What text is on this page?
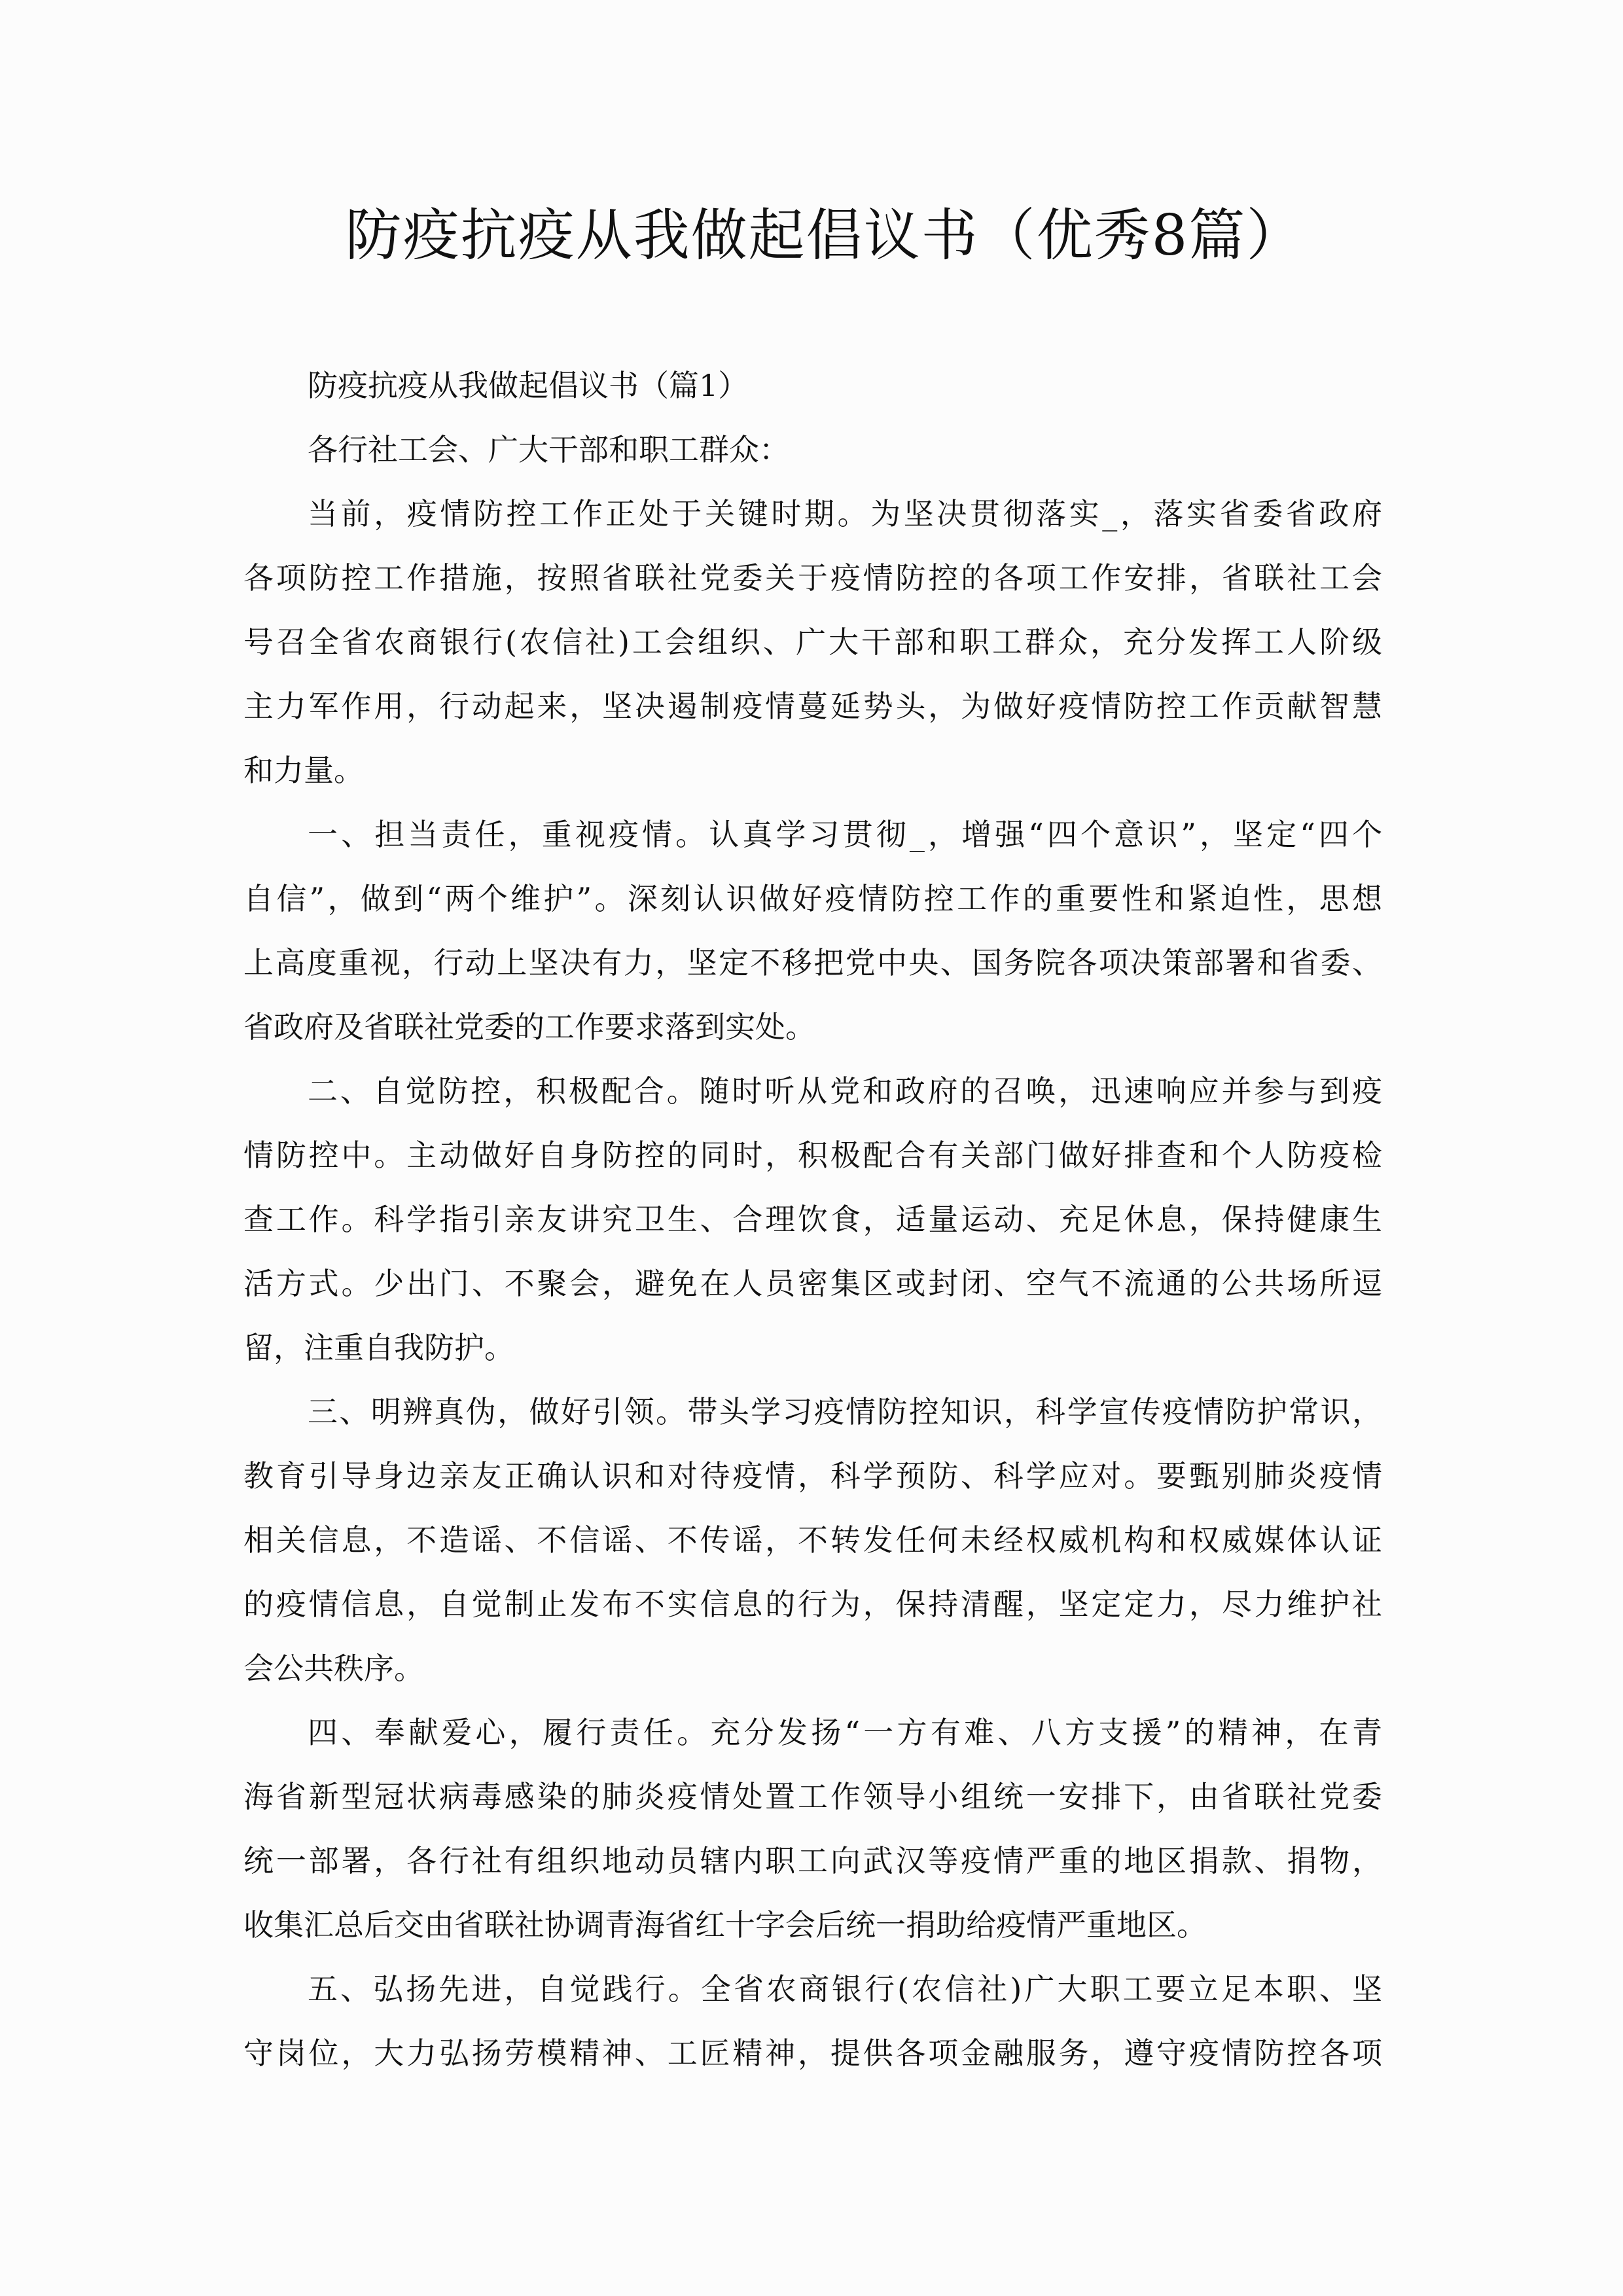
防疫抗疫从我做起倡议书（优秀8篇）
防疫抗疫从我做起倡议书（篇1）
各行社工会、广大干部和职工群众：
当前，疫情防控工作正处于关键时期。为坚决贯彻落实_，落实省委省政府
各项防控工作措施，按照省联社党委关于疫情防控的各项工作安排，省联社工会
号召全省农商银行(农信社)工会组织、广大干部和职工群众，充分发挥工人阶级
主力军作用，行动起来，坚决遏制疫情蔓延势头，为做好疫情防控工作贡献智慧
和力量。
一、担当责任，重视疫情。认真学习贯彻_，增强“四个意识”，坚定“四个
自信”，做到“两个维护”。深刻认识做好疫情防控工作的重要性和紧迫性，思想
上高度重视，行动上坚决有力，坚定不移把党中央、国务院各项决策部署和省委、
省政府及省联社党委的工作要求落到实处。
二、自觉防控，积极配合。随时听从党和政府的召唤，迅速响应并参与到疫
情防控中。主动做好自身防控的同时，积极配合有关部门做好排查和个人防疫检
查工作。科学指引亲友讲究卫生、合理饮食，适量运动、充足休息，保持健康生
活方式。少出门、不聚会，避免在人员密集区或封闭、空气不流通的公共场所逗
留，注重自我防护。
三、明辨真伪，做好引领。带头学习疫情防控知识，科学宣传疫情防护常识，
教育引导身边亲友正确认识和对待疫情，科学预防、科学应对。要甄别肺炎疫情
相关信息，不造谣、不信谣、不传谣，不转发任何未经权威机构和权威媒体认证
的疫情信息，自觉制止发布不实信息的行为，保持清醒，坚定定力，尽力维护社
会公共秩序。
四、奉献爱心，履行责任。充分发扬“一方有难、八方支援”的精神，在青
海省新型冠状病毒感染的肺炎疫情处置工作领导小组统一安排下，由省联社党委
统一部署，各行社有组织地动员辖内职工向武汉等疫情严重的地区捐款、捐物，
收集汇总后交由省联社协调青海省红十字会后统一捐助给疫情严重地区。
五、弘扬先进，自觉践行。全省农商银行(农信社)广大职工要立足本职、坚
守岗位，大力弘扬劳模精神、工匠精神，提供各项金融服务，遵守疫情防控各项
